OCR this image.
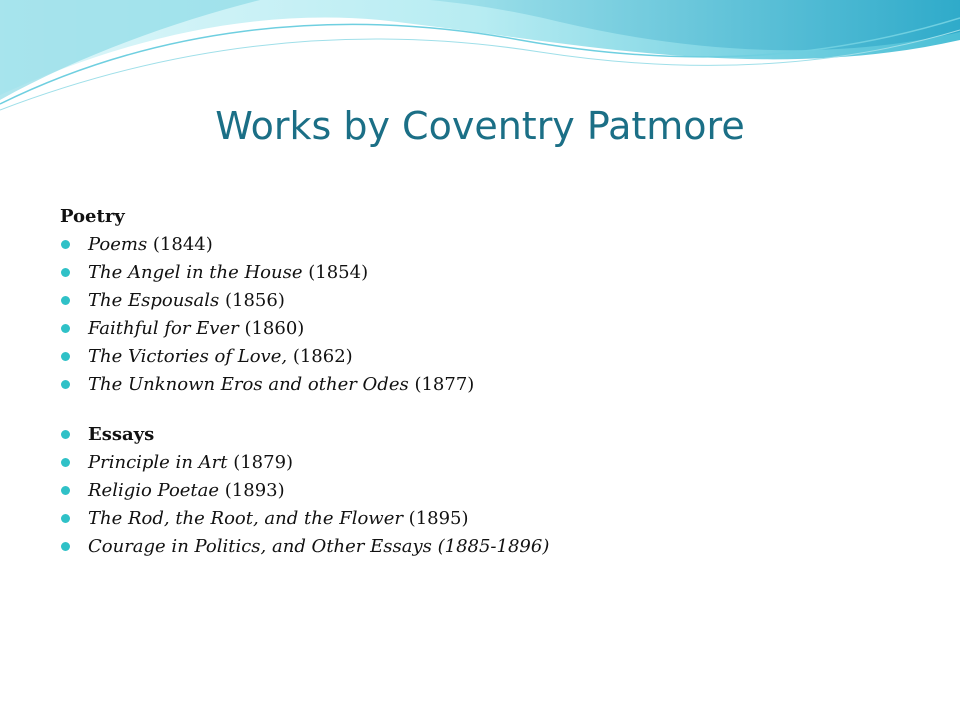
Works by Coventry Patmore
Poetry
Poems (1844)
The Angel in the House (1854)
The Espousals (1856)
Faithful for Ever (1860)
The Victories of Love, (1862)
The Unknown Eros and other Odes (1877)
Essays
Principle in Art (1879)
Religio Poetae (1893)
The Rod, the Root, and the Flower (1895)
Courage in Politics, and Other Essays (1885-1896)
